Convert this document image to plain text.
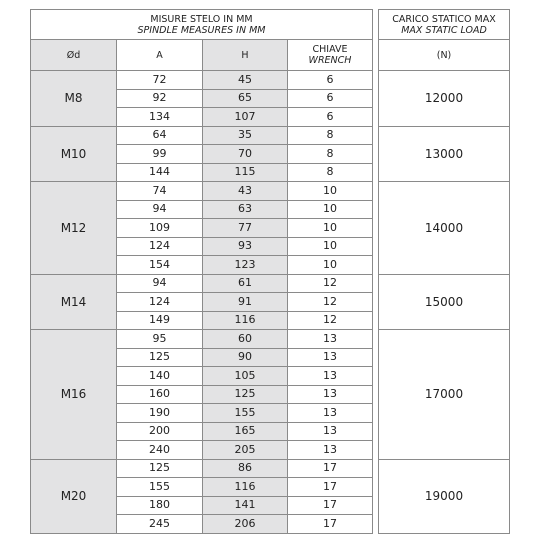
MISURE STELO IN MM
SPINDLE MEASURES IN MM					CARICO STATICO MAX
MAX STATIC LOAD

Ød	A	H	CHIAVE
WRENCH		(N)
M8	72	45	6		12000
	92	65	6		
	134	107	6		
M10	64	35	8		13000
	99	70	8		
	144	115	8		
M12	74	43	10		14000
	94	63	10		
	109	77	10		
	124	93	10		
	154	123	10		
M14	94	61	12		15000
	124	91	12		
	149	116	12		
M16	95	60	13		17000
	125	90	13		
	140	105	13		
	160	125	13		
	190	155	13		
	200	165	13		
	240	205	13		
M20	125	86	17		19000
	155	116	17		
	180	141	17		
	245	206	17		
